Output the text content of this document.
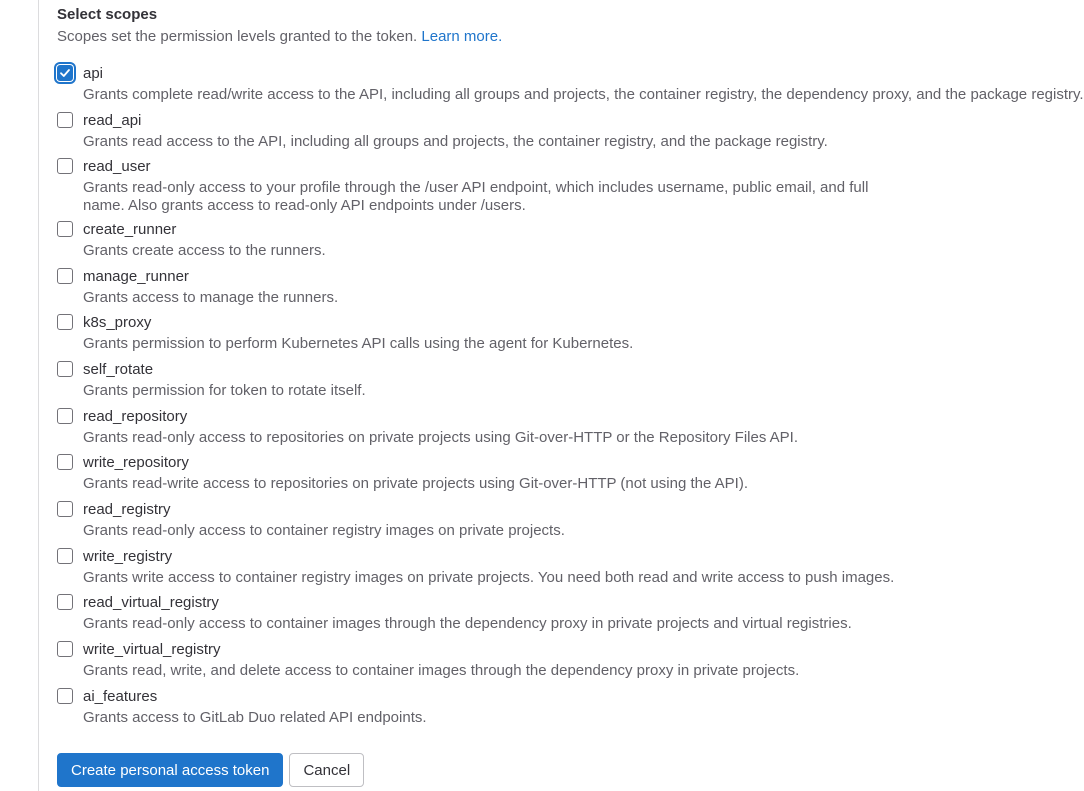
Select scopes
Scopes set the permission levels granted to the token. Learn more.
api
Grants complete read/write access to the API, including all groups and projects, the container registry, the dependency proxy, and the package registry.
read_api
Grants read access to the API, including all groups and projects, the container registry, and the package registry.
read_user
Grants read-only access to your profile through the /user API endpoint, which includes username, public email, and full name. Also grants access to read-only API endpoints under /users.
create_runner
Grants create access to the runners.
manage_runner
Grants access to manage the runners.
k8s_proxy
Grants permission to perform Kubernetes API calls using the agent for Kubernetes.
self_rotate
Grants permission for token to rotate itself.
read_repository
Grants read-only access to repositories on private projects using Git-over-HTTP or the Repository Files API.
write_repository
Grants read-write access to repositories on private projects using Git-over-HTTP (not using the API).
read_registry
Grants read-only access to container registry images on private projects.
write_registry
Grants write access to container registry images on private projects. You need both read and write access to push images.
read_virtual_registry
Grants read-only access to container images through the dependency proxy in private projects and virtual registries.
write_virtual_registry
Grants read, write, and delete access to container images through the dependency proxy in private projects.
ai_features
Grants access to GitLab Duo related API endpoints.
Create personal access token Cancel
